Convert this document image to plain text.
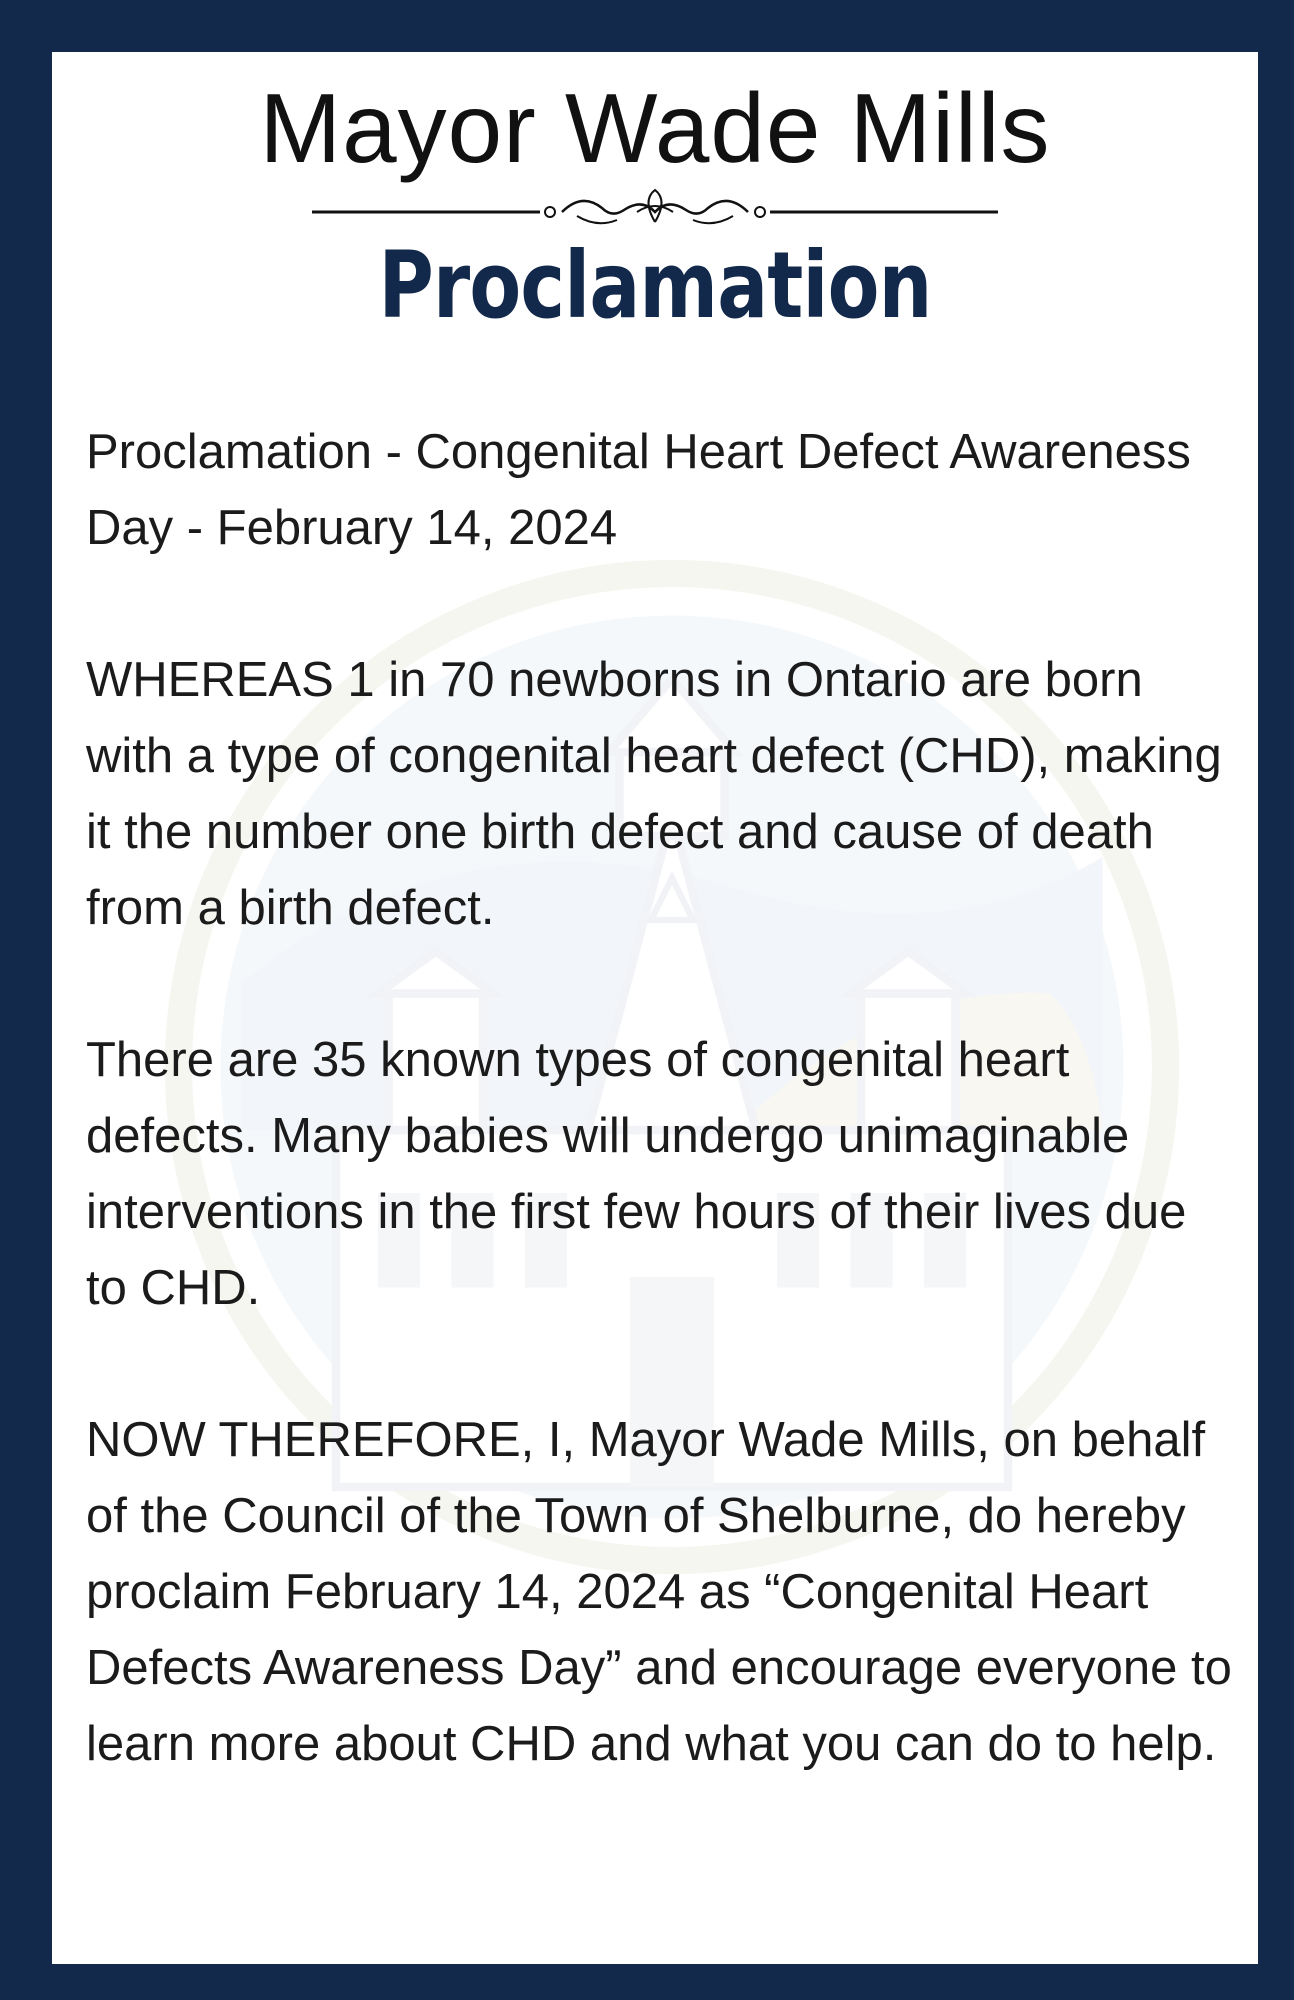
Mayor Wade Mills
Proclamation

Proclamation - Congenital Heart Defect Awareness Day - February 14, 2024

WHEREAS 1 in 70 newborns in Ontario are born with a type of congenital heart defect (CHD), making it the number one birth defect and cause of death from a birth defect.

There are 35 known types of congenital heart defects. Many babies will undergo unimaginable interventions in the first few hours of their lives due to CHD.

NOW THEREFORE, I, Mayor Wade Mills, on behalf of the Council of the Town of Shelburne, do hereby proclaim February 14, 2024 as “Congenital Heart Defects Awareness Day” and encourage everyone to learn more about CHD and what you can do to help.
